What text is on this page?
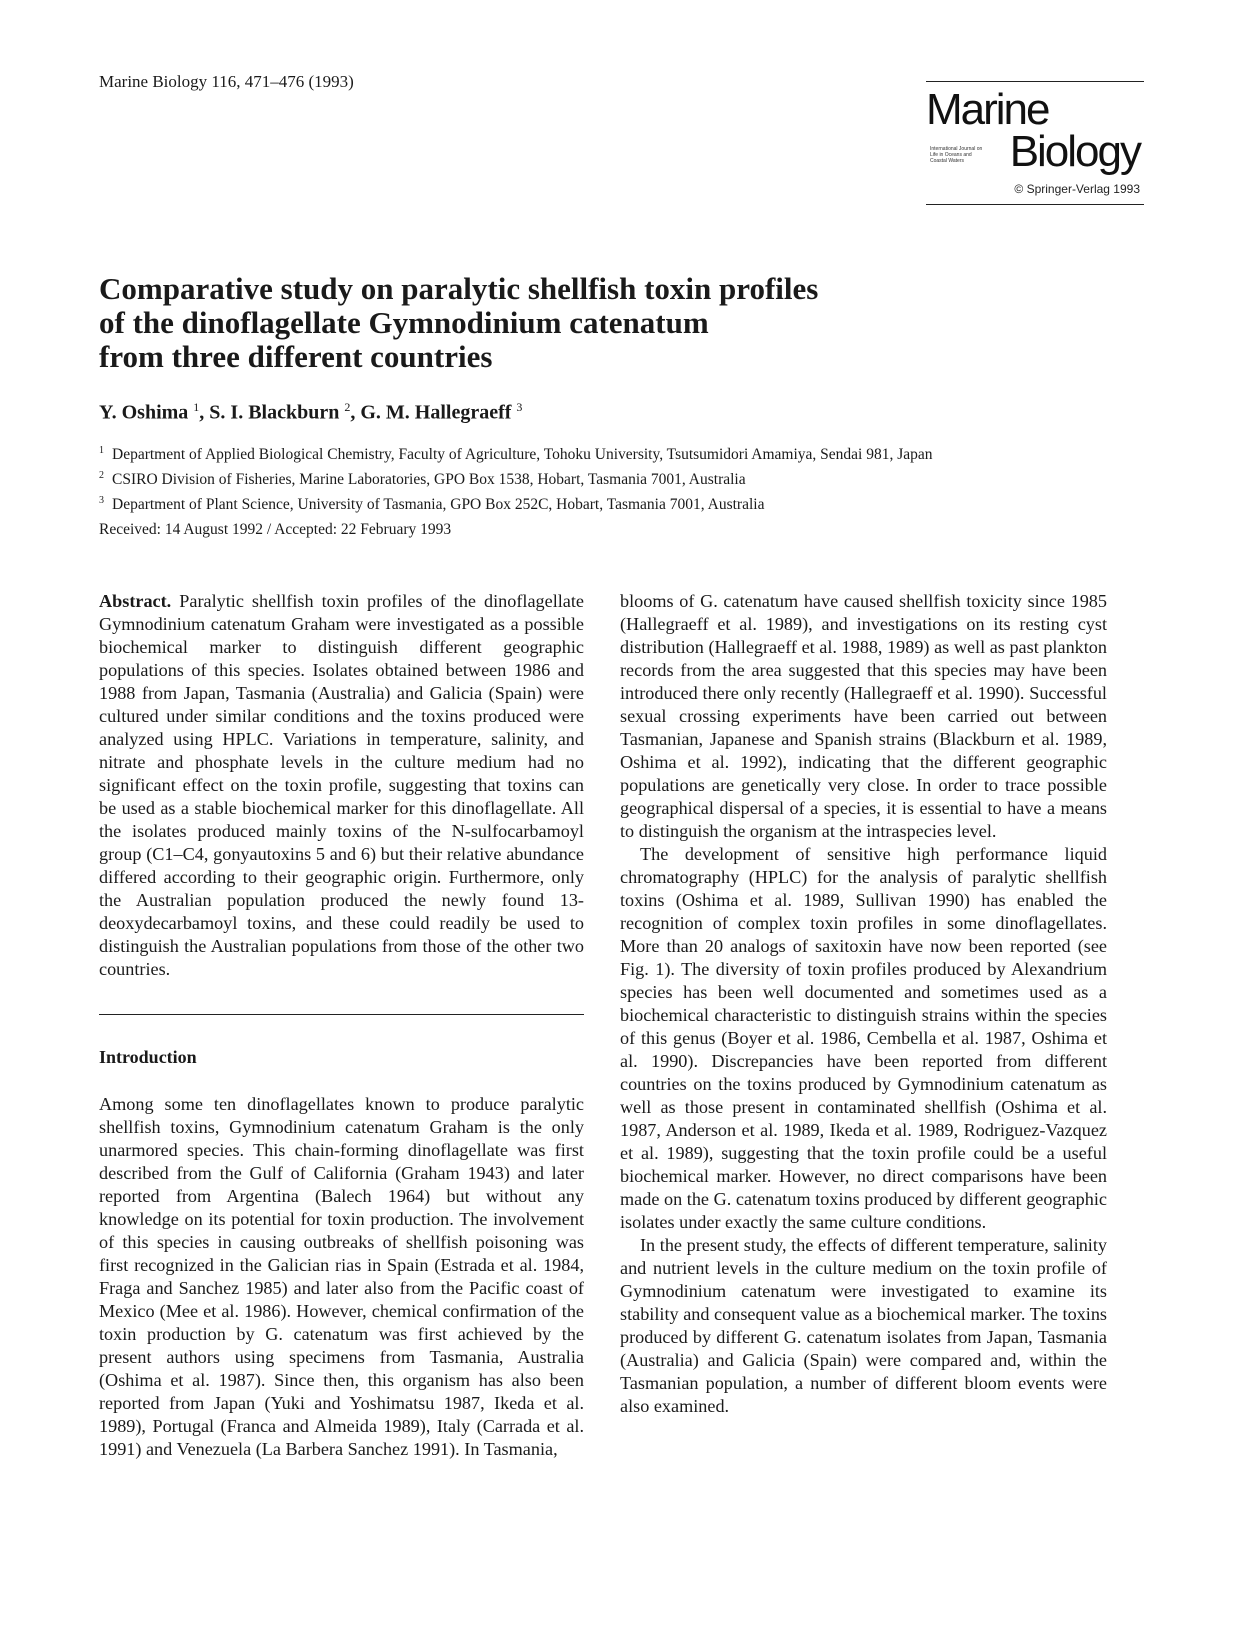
Marine Biology 116, 471–476 (1993)
Marine
International Journal on Life in Oceans and Coastal Waters	Biology
© Springer-Verlag 1993
Comparative study on paralytic shellfish toxin profiles
of the dinoflagellate Gymnodinium catenatum
from three different countries
Y. Oshima $^1$, S. I. Blackburn $^2$, G. M. Hallegraeff $^3$
$^1$ Department of Applied Biological Chemistry, Faculty of Agriculture, Tohoku University, Tsutsumidori Amamiya, Sendai 981, Japan
$^2$ CSIRO Division of Fisheries, Marine Laboratories, GPO Box 1538, Hobart, Tasmania 7001, Australia
$^3$ Department of Plant Science, University of Tasmania, GPO Box 252C, Hobart, Tasmania 7001, Australia
Received: 14 August 1992 / Accepted: 22 February 1993

Abstract. Paralytic shellfish toxin profiles of the dinoflagellate Gymnodinium catenatum Graham were investigated as a possible biochemical marker to distinguish different geographic populations of this species. Isolates obtained between 1986 and 1988 from Japan, Tasmania (Australia) and Galicia (Spain) were cultured under similar conditions and the toxins produced were analyzed using HPLC. Variations in temperature, salinity, and nitrate and phosphate levels in the culture medium had no significant effect on the toxin profile, suggesting that toxins can be used as a stable biochemical marker for this dinoflagellate. All the isolates produced mainly toxins of the N-sulfocarbamoyl group (C1–C4, gonyautoxins 5 and 6) but their relative abundance differed according to their geographic origin. Furthermore, only the Australian population produced the newly found 13-deoxydecarbamoyl toxins, and these could readily be used to distinguish the Australian populations from those of the other two countries.

Introduction

Among some ten dinoflagellates known to produce paralytic shellfish toxins, Gymnodinium catenatum Graham is the only unarmored species. This chain-forming dinoflagellate was first described from the Gulf of California (Graham 1943) and later reported from Argentina (Balech 1964) but without any knowledge on its potential for toxin production. The involvement of this species in causing outbreaks of shellfish poisoning was first recognized in the Galician rias in Spain (Estrada et al. 1984, Fraga and Sanchez 1985) and later also from the Pacific coast of Mexico (Mee et al. 1986). However, chemical confirmation of the toxin production by G. catenatum was first achieved by the present authors using specimens from Tasmania, Australia (Oshima et al. 1987). Since then, this organism has also been reported from Japan (Yuki and Yoshimatsu 1987, Ikeda et al. 1989), Portugal (Franca and Almeida 1989), Italy (Carrada et al. 1991) and Venezuela (La Barbera Sanchez 1991). In Tasmania,

blooms of G. catenatum have caused shellfish toxicity since 1985 (Hallegraeff et al. 1989), and investigations on its resting cyst distribution (Hallegraeff et al. 1988, 1989) as well as past plankton records from the area suggested that this species may have been introduced there only recently (Hallegraeff et al. 1990). Successful sexual crossing experiments have been carried out between Tasmanian, Japanese and Spanish strains (Blackburn et al. 1989, Oshima et al. 1992), indicating that the different geographic populations are genetically very close. In order to trace possible geographical dispersal of a species, it is essential to have a means to distinguish the organism at the intraspecies level.

The development of sensitive high performance liquid chromatography (HPLC) for the analysis of paralytic shellfish toxins (Oshima et al. 1989, Sullivan 1990) has enabled the recognition of complex toxin profiles in some dinoflagellates. More than 20 analogs of saxitoxin have now been reported (see Fig. 1). The diversity of toxin profiles produced by Alexandrium species has been well documented and sometimes used as a biochemical characteristic to distinguish strains within the species of this genus (Boyer et al. 1986, Cembella et al. 1987, Oshima et al. 1990). Discrepancies have been reported from different countries on the toxins produced by Gymnodinium catenatum as well as those present in contaminated shellfish (Oshima et al. 1987, Anderson et al. 1989, Ikeda et al. 1989, Rodriguez-Vazquez et al. 1989), suggesting that the toxin profile could be a useful biochemical marker. However, no direct comparisons have been made on the G. catenatum toxins produced by different geographic isolates under exactly the same culture conditions.

In the present study, the effects of different temperature, salinity and nutrient levels in the culture medium on the toxin profile of Gymnodinium catenatum were investigated to examine its stability and consequent value as a biochemical marker. The toxins produced by different G. catenatum isolates from Japan, Tasmania (Australia) and Galicia (Spain) were compared and, within the Tasmanian population, a number of different bloom events were also examined.
